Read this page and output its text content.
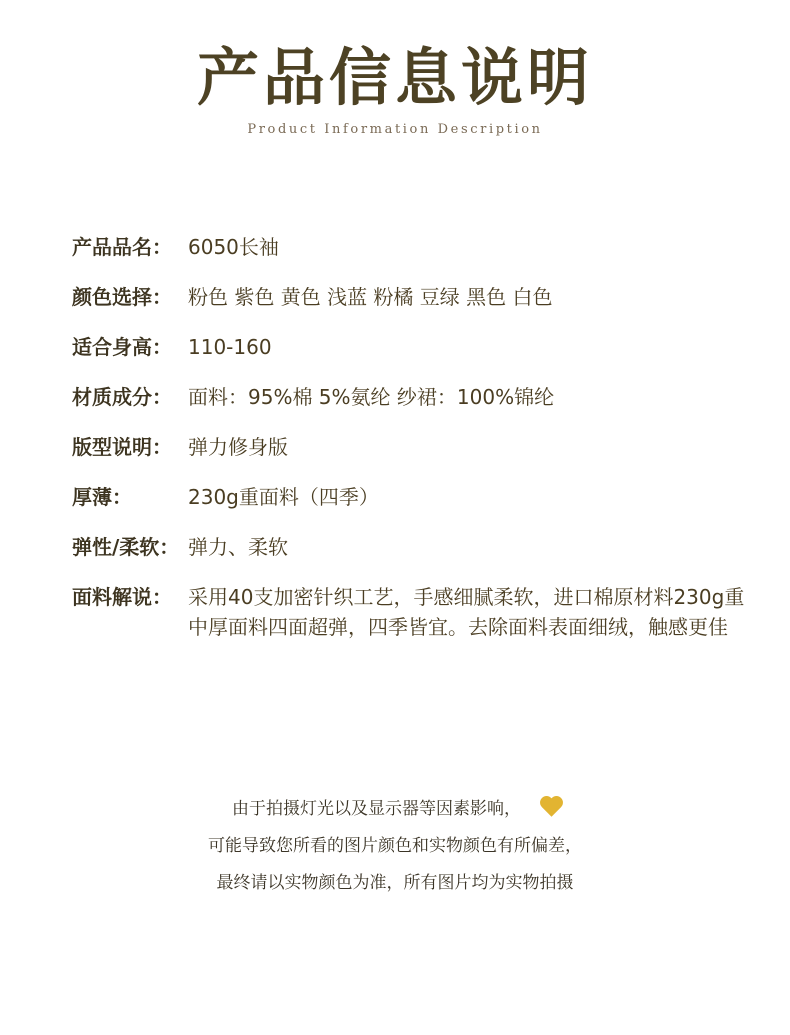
产品信息说明
Product Information Description
产品品名： 6050长袖
颜色选择： 粉色 紫色 黄色 浅蓝 粉橘 豆绿 黑色 白色
适合身高： 110-160
材质成分： 面料：95%棉 5%氨纶 纱裙：100%锦纶
版型说明： 弹力修身版
厚薄：	230g重面料（四季）
弹性/柔软： 弹力、柔软
面料解说： 采用40支加密针织工艺，手感细腻柔软，进口棉原材料230g重中厚面料四面超弹，四季皆宜。去除面料表面细绒，触感更佳
由于拍摄灯光以及显示器等因素影响，
可能导致您所看的图片颜色和实物颜色有所偏差，
最终请以实物颜色为准，所有图片均为实物拍摄
